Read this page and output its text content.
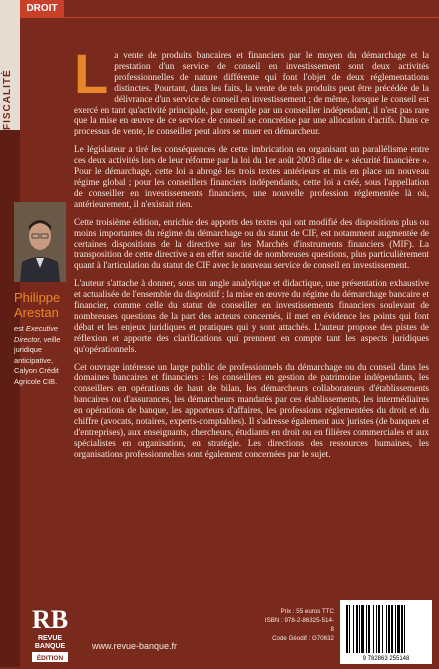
FISCALITÉ
DROIT

La vente de produits bancaires et financiers par le moyen du démarchage et la prestation d'un service de conseil en investissement sont deux activités professionnelles de nature différente qui font l'objet de deux réglementations distinctes. Pourtant, dans les faits, la vente de tels produits peut être précédée de la délivrance d'un service de conseil en investissement ; de même, lorsque le conseil est exercé en tant qu'activité principale, par exemple par un conseiller indépendant, il n'est pas rare que la mise en œuvre de ce service de conseil se concrétise par une allocation d'actifs. Dans ce processus de vente, le conseiller peut alors se muer en démarcheur.

Le législateur a tiré les conséquences de cette imbrication en organisant un parallélisme entre ces deux activités lors de leur réforme par la loi du 1er août 2003 dite de « sécurité financière ». Pour le démarchage, cette loi a abrogé les trois textes antérieurs et mis en place un nouveau régime global ; pour les conseillers financiers indépendants, cette loi a créé, sous l'appellation de conseiller en investissements financiers, une nouvelle profession réglementée là où, antérieurement, il n'existait rien.

Cette troisième édition, enrichie des apports des textes qui ont modifié des dispositions plus ou moins importantes du régime du démarchage ou du statut de CIF, est notamment augmentée de certaines dispositions de la directive sur les Marchés d'instruments financiers (MIF). La transposition de cette directive a en effet suscité de nombreuses questions, plus particulièrement quant à l'articulation du statut de CIF avec le nouveau service de conseil en investissement.

L'auteur s'attache à donner, sous un angle analytique et didactique, une présentation exhaustive et actualisée de l'ensemble du dispositif ; la mise en œuvre du régime du démarchage bancaire et financier, comme celle du statut de conseiller en investissements financiers soulevant de nombreuses questions de la part des acteurs concernés, il met en évidence les points qui font débat et les enjeux juridiques et pratiques qui y sont attachés. L'auteur propose des pistes de réflexion et apporte des clarifications qui prennent en compte tant les aspects juridiques qu'opérationnels.

Cet ouvrage intéresse un large public de professionnels du démarchage ou du conseil dans les domaines bancaires et financiers : les conseillers en gestion de patrimoine indépendants, les conseillers en opérations de haut de bilan, les démarcheurs collaborateurs d'établissements bancaires ou d'assurances, les démarcheurs mandatés par ces établissements, les intermédiaires en opérations de banque, les apporteurs d'affaires, les professions réglementées du droit et du chiffre (avocats, notaires, experts-comptables). Il s'adresse également aux juristes (de banques et d'entreprises), aux enseignants, chercheurs, étudiants en droit ou en filières commerciales et aux spécialistes en organisation, en stratégie. Les directions des ressources humaines, les organisations professionnelles sont également concernées par le sujet.

Philippe
Arestan
est Executive Director, veille juridique anticipative, Calyon Crédit Agricole CIB.
RB
REVUE
BANQUE
ÉDITION
www.revue-banque.fr
Prix : 55 euros TTC
ISBN : 978-2-86325-514-8
Code Géodif : G70632
9 782863 255148
